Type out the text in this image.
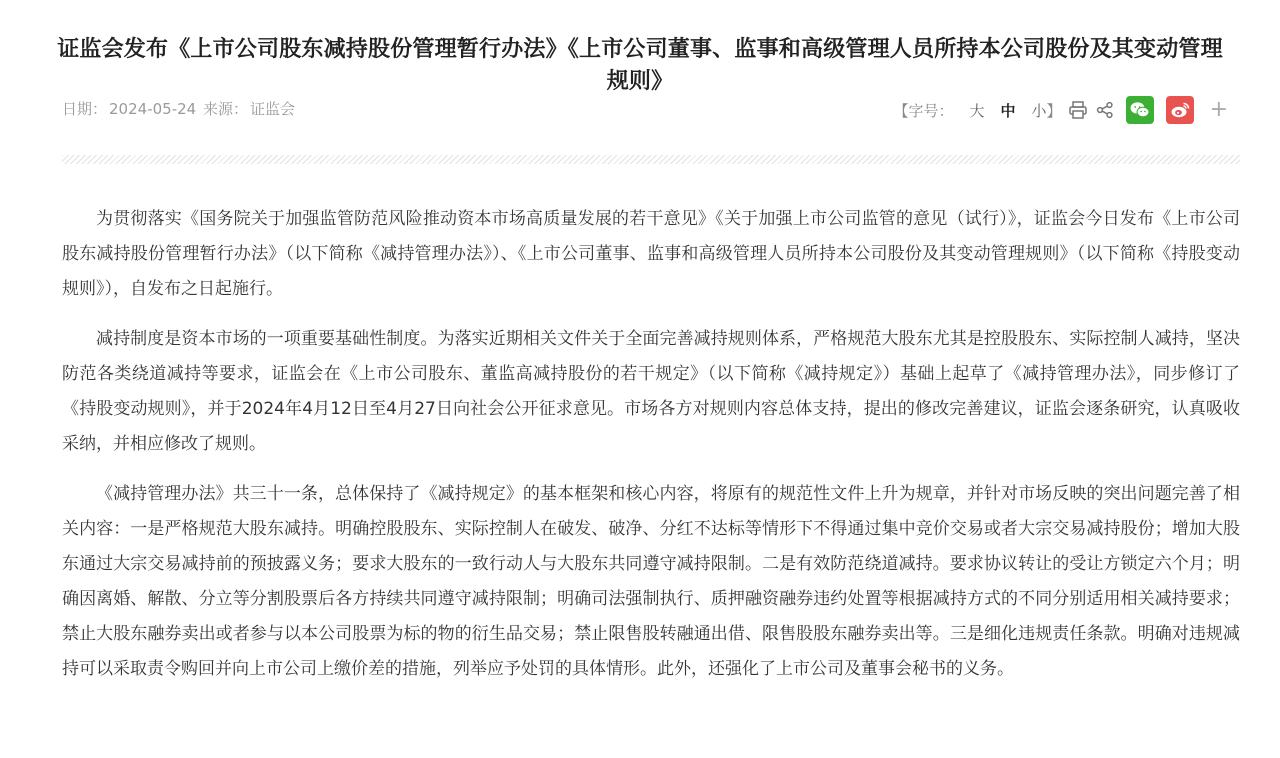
证监会发布《上市公司股东减持股份管理暂行办法》《上市公司董事、监事和高级管理人员所持本公司股份及其变动管理规则》
日期： 2024-05-24 来源： 证监会	【字号： 大 中 小 】	+

为贯彻落实《国务院关于加强监管防范风险推动资本市场高质量发展的若干意见》《关于加强上市公司监管的意见（试行）》，证监会今日发布《上市公司股东减持股份管理暂行办法》（以下简称《减持管理办法》）、《上市公司董事、监事和高级管理人员所持本公司股份及其变动管理规则》（以下简称《持股变动规则》），自发布之日起施行。

减持制度是资本市场的一项重要基础性制度。为落实近期相关文件关于全面完善减持规则体系，严格规范大股东尤其是控股股东、实际控制人减持，坚决防范各类绕道减持等要求，证监会在《上市公司股东、董监高减持股份的若干规定》（以下简称《减持规定》）基础上起草了《减持管理办法》，同步修订了《持股变动规则》，并于2024年4月12日至4月27日向社会公开征求意见。市场各方对规则内容总体支持，提出的修改完善建议，证监会逐条研究，认真吸收采纳，并相应修改了规则。

《减持管理办法》共三十一条，总体保持了《减持规定》的基本框架和核心内容，将原有的规范性文件上升为规章，并针对市场反映的突出问题完善了相关内容：一是严格规范大股东减持。明确控股股东、实际控制人在破发、破净、分红不达标等情形下不得通过集中竞价交易或者大宗交易减持股份；增加大股东通过大宗交易减持前的预披露义务；要求大股东的一致行动人与大股东共同遵守减持限制。二是有效防范绕道减持。要求协议转让的受让方锁定六个月；明确因离婚、解散、分立等分割股票后各方持续共同遵守减持限制；明确司法强制执行、质押融资融券违约处置等根据减持方式的不同分别适用相关减持要求；禁止大股东融券卖出或者参与以本公司股票为标的物的衍生品交易；禁止限售股转融通出借、限售股股东融券卖出等。三是细化违规责任条款。明确对违规减持可以采取责令购回并向上市公司上缴价差的措施，列举应予处罚的具体情形。此外，还强化了上市公司及董事会秘书的义务。
